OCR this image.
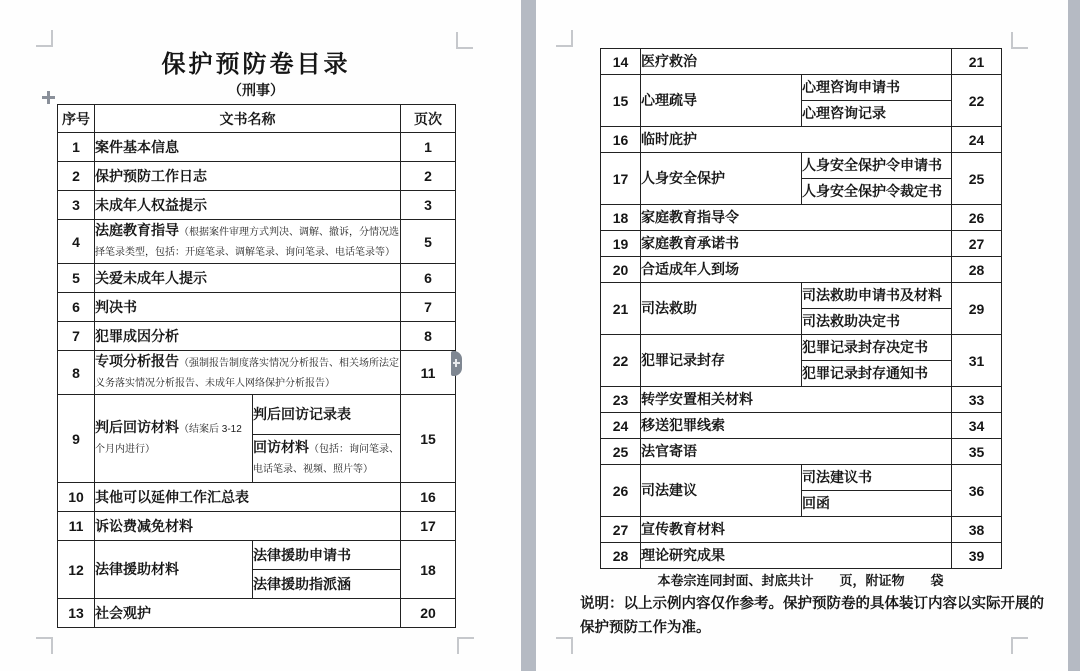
保护预防卷目录
（刑事）
序号	文书名称		页次
1	案件基本信息		1
2	保护预防工作日志		2
3	未成年人权益提示		3
4	法庭教育指导（根据案件审理方式判决、调解、撤诉，分情况选择笔录类型，包括：开庭笔录、调解笔录、询问笔录、电话笔录等）		5
5	关爱未成年人提示		6
6	判决书		7
7	犯罪成因分析		8
8	专项分析报告（强制报告制度落实情况分析报告、相关场所法定义务落实情况分析报告、未成年人网络保护分析报告）		11
9	判后回访材料（结案后 3-12 个月内进行）	判后回访记录表	15
		回访材料（包括：询问笔录、电话笔录、视频、照片等）	
10	其他可以延伸工作汇总表		16
11	诉讼费减免材料		17
12	法律援助材料	法律援助申请书	18
		法律援助指派涵	
13	社会观护		20
14	医疗救治		21
15	心理疏导	心理咨询申请书	22
		心理咨询记录	
16	临时庇护		24
17	人身安全保护	人身安全保护令申请书	25
		人身安全保护令裁定书	
18	家庭教育指导令		26
19	家庭教育承诺书		27
20	合适成年人到场		28
21	司法救助	司法救助申请书及材料	29
		司法救助决定书	
22	犯罪记录封存	犯罪记录封存决定书	31
		犯罪记录封存通知书	
23	转学安置相关材料		33
24	移送犯罪线索		34
25	法官寄语		35
26	司法建议	司法建议书	36
		回函	
27	宣传教育材料		38
28	理论研究成果		39
本卷宗连同封面、封底共计　　页，附证物　　袋
说明：以上示例内容仅作参考。保护预防卷的具体装订内容以实际开展的
保护预防工作为准。
